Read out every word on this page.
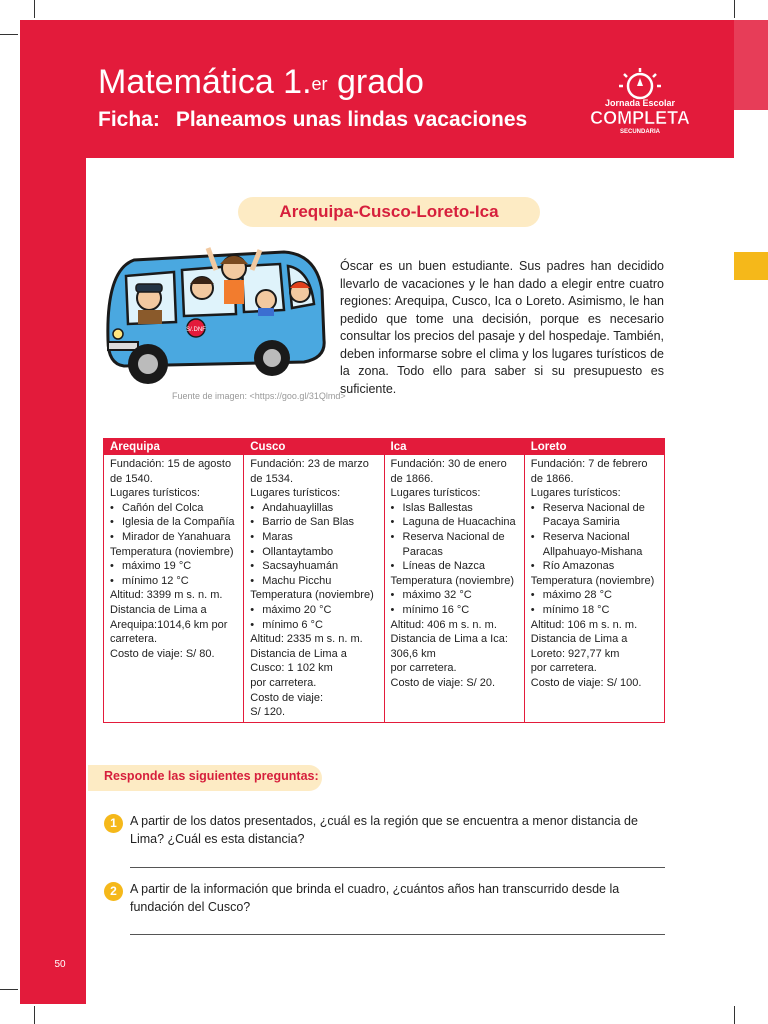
Matemática 1.$^{er}$ grado
Ficha: Planeamos unas lindas vacaciones
Jornada Escolar
COMPLETA
SECUNDARIA
Arequipa-Cusco-Loreto-Ica
S/.DNF
Fuente de imagen: <https://goo.gl/31Qlmd>
Óscar es un buen estudiante. Sus padres han decidido llevarlo de vacaciones y le han dado a elegir entre cuatro regiones: Arequipa, Cusco, Ica o Loreto. Asimismo, le han pedido que tome una decisión, porque es necesario consultar los precios del pasaje y del hospedaje. También, deben informarse sobre el clima y los lugares turísticos de la zona. Todo ello para saber si su presupuesto es suficiente.
Arequipa
Fundación: 15 de agosto
de 1540.
Lugares turísticos:
• Cañón del Colca
• Iglesia de la Compañía
• Mirador de Yanahuara
Temperatura (noviembre)
• máximo 19 °C
• mínimo 12 °C
Altitud: 3399 m s. n. m.
Distancia de Lima a
Arequipa:1014,6 km por
carretera.
Costo de viaje: S/ 80.
Cusco
Fundación: 23 de marzo
de 1534.
Lugares turísticos:
• Andahuaylillas
• Barrio de San Blas
• Maras
• Ollantaytambo
• Sacsayhuamán
• Machu Picchu
Temperatura (noviembre)
• máximo 20 °C
• mínimo 6 °C
Altitud: 2335 m s. n. m.
Distancia de Lima a
Cusco: 1 102 km
por carretera.
Costo de viaje:
S/ 120.
Ica
Fundación: 30 de enero
de 1866.
Lugares turísticos:
• Islas Ballestas
• Laguna de Huacachina
• Reserva Nacional de
Paracas
• Líneas de Nazca
Temperatura (noviembre)
• máximo 32 °C
• mínimo 16 °C
Altitud: 406 m s. n. m.
Distancia de Lima a Ica:
306,6 km
por carretera.
Costo de viaje: S/ 20.
Loreto
Fundación: 7 de febrero
de 1866.
Lugares turísticos:
• Reserva Nacional de
Pacaya Samiria
• Reserva Nacional
Allpahuayo-Mishana
• Río Amazonas
Temperatura (noviembre)
• máximo 28 °C
• mínimo 18 °C
Altitud: 106 m s. n. m.
Distancia de Lima a
Loreto: 927,77 km
por carretera.
Costo de viaje: S/ 100.
Responde las siguientes preguntas:
1	A partir de los datos presentados, ¿cuál es la región que se encuentra a menor distancia de Lima? ¿Cuál es esta distancia?
2	A partir de la información que brinda el cuadro, ¿cuántos años han transcurrido desde la fundación del Cusco?
50
